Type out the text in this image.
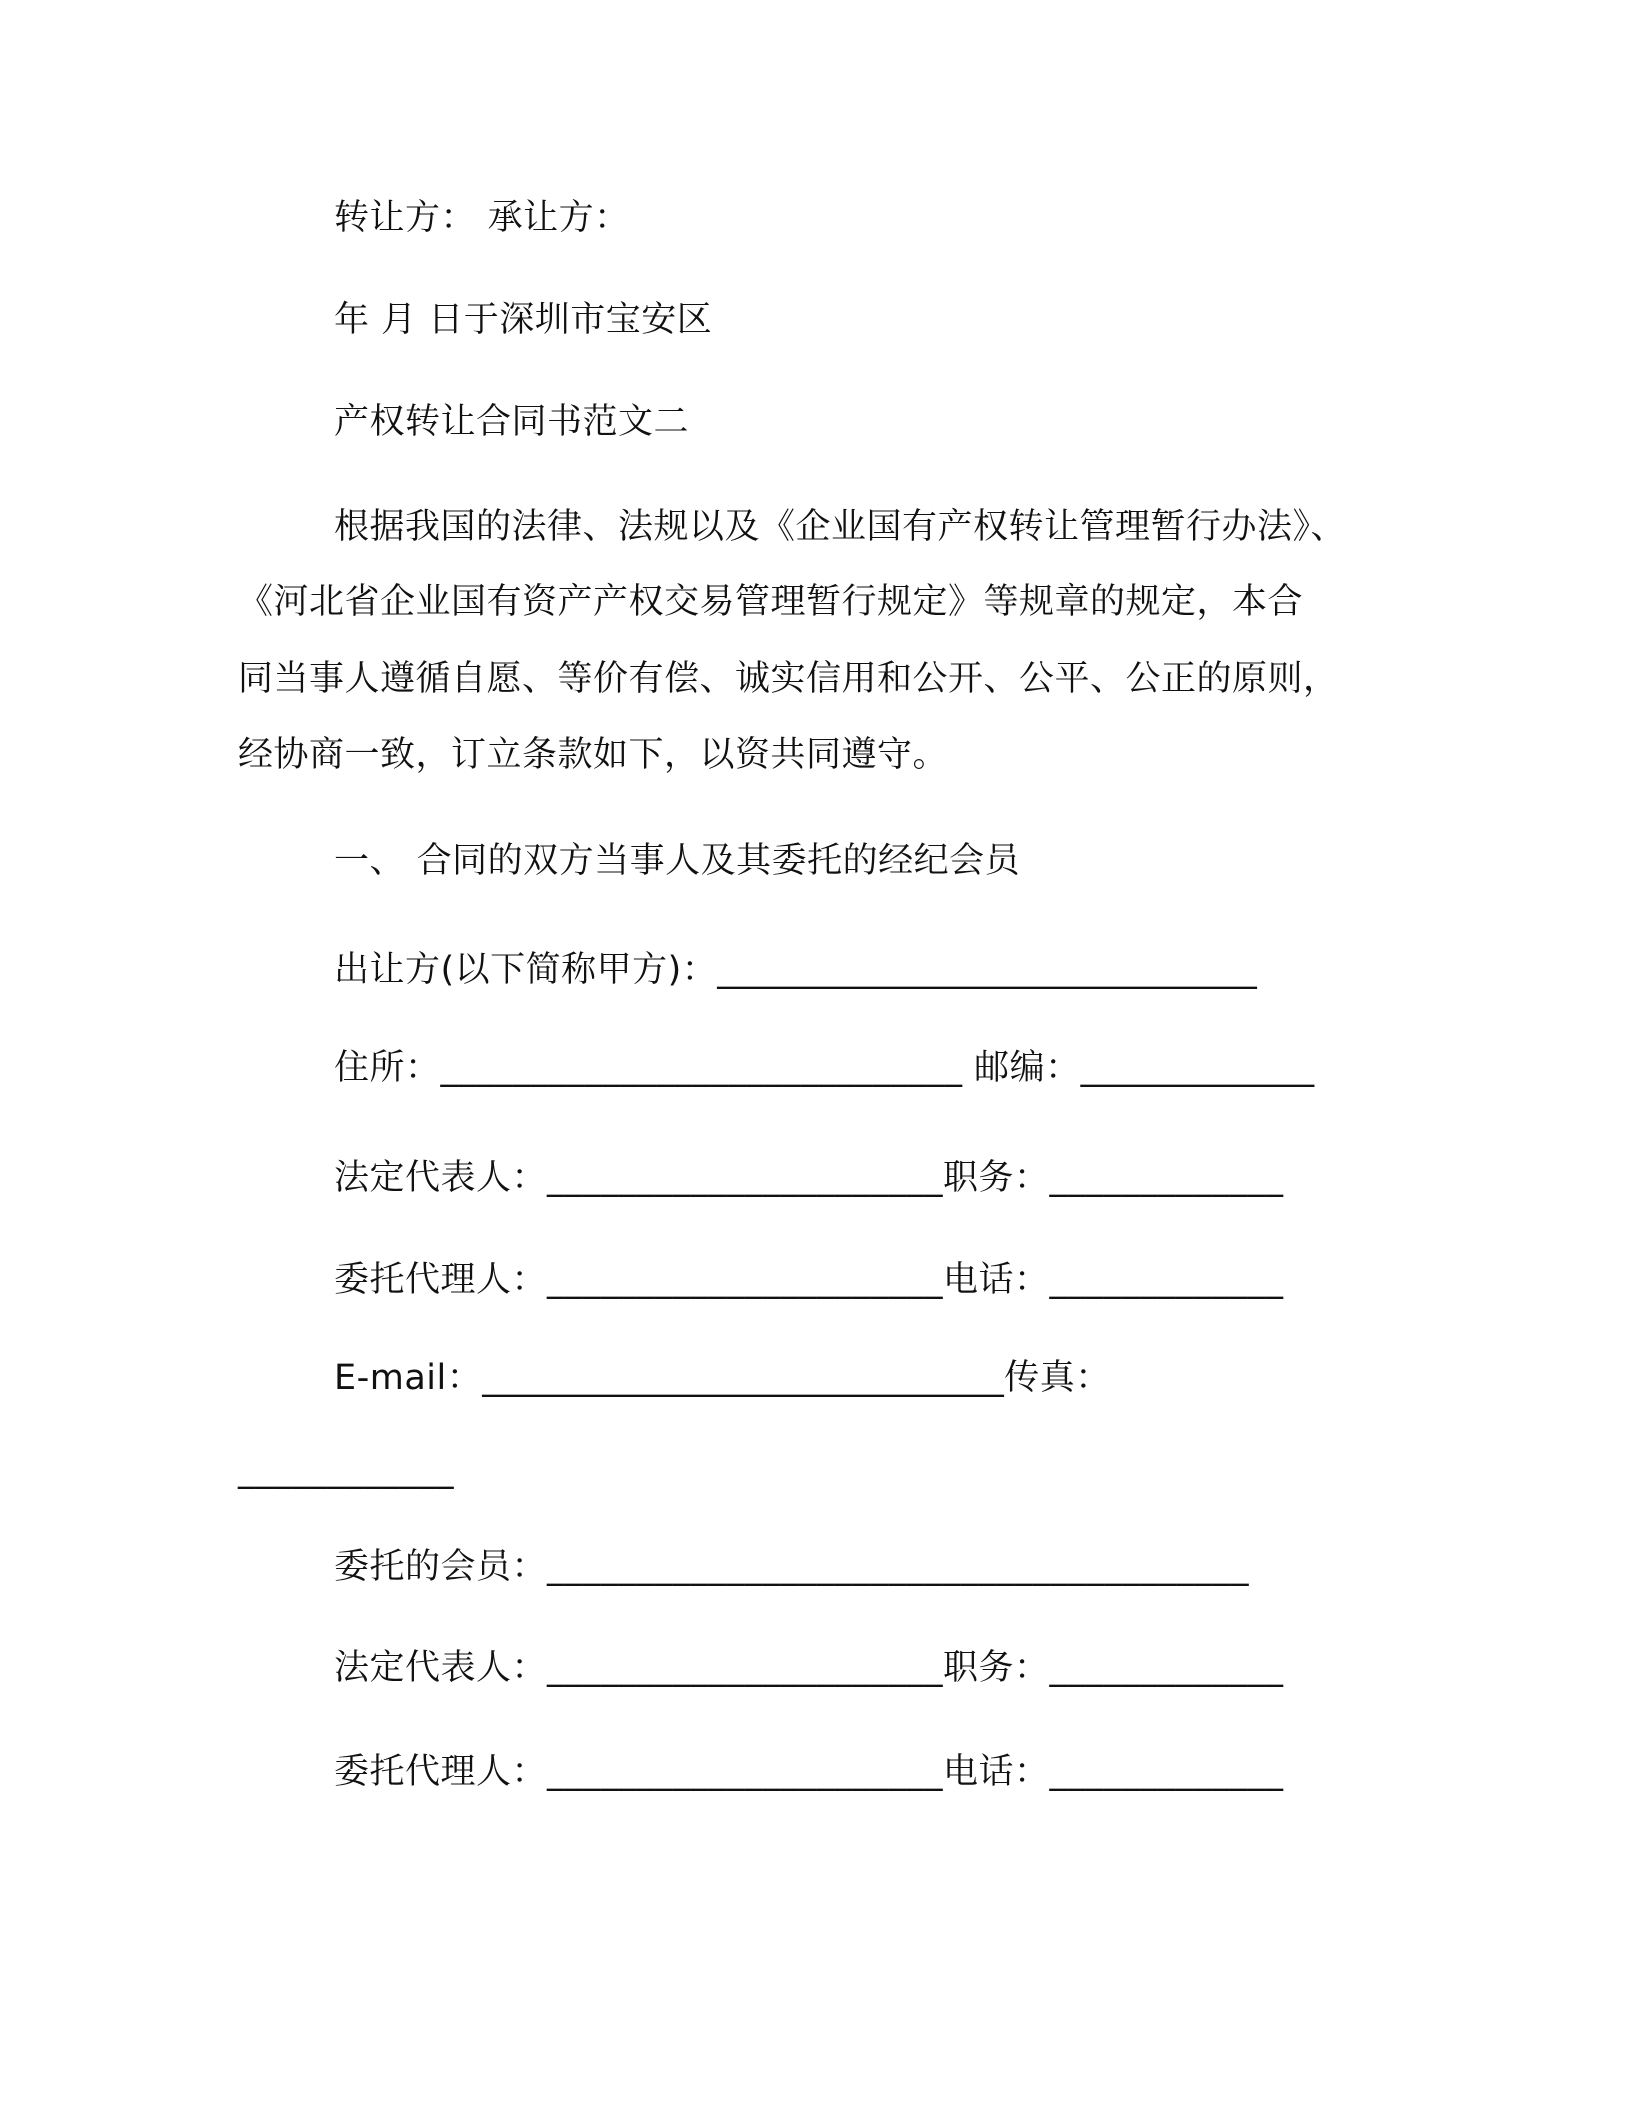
转让方： 承让方：
年 月 日于深圳市宝安区
产权转让合同书范文二
根据我国的法律、法规以及《企业国有产权转让管理暂行办法》、
《河北省企业国有资产产权交易管理暂行规定》等规章的规定，本合
同当事人遵循自愿、等价有偿、诚实信用和公开、公平、公正的原则，
经协商一致，订立条款如下，以资共同遵守。
一、 合同的双方当事人及其委托的经纪会员
出让方(以下简称甲方)：______________________________
住所：_____________________________ 邮编：_____________
法定代表人：______________________职务：_____________
委托代理人：______________________电话：_____________
E-mail：_____________________________传真：
____________
委托的会员：_______________________________________
法定代表人：______________________职务：_____________
委托代理人：______________________电话：_____________
